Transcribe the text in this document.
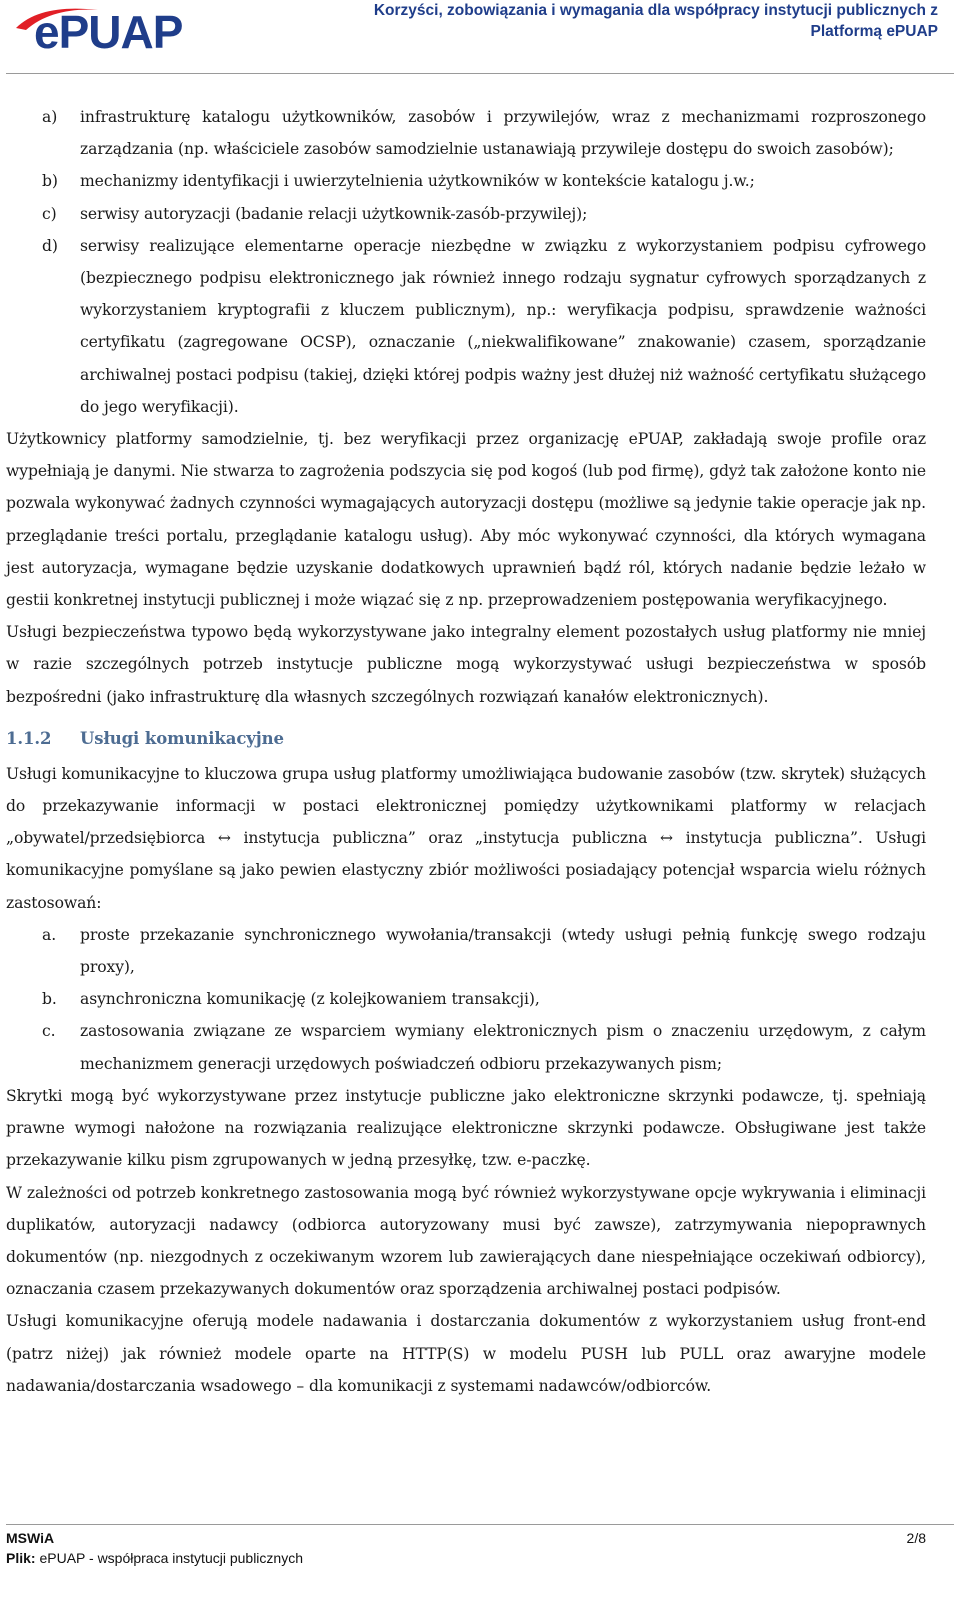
ePUAP	Korzyści, zobowiązania i wymagania dla współpracy instytucji publicznych z
Platformą ePUAP
a)	infrastrukturę katalogu użytkowników, zasobów i przywilejów, wraz z mechanizmami rozproszonego zarządzania (np. właściciele zasobów samodzielnie ustanawiają przywileje dostępu do swoich zasobów);
b)	mechanizmy identyfikacji i uwierzytelnienia użytkowników w kontekście katalogu j.w.;
c)	serwisy autoryzacji (badanie relacji użytkownik-zasób-przywilej);
d)	serwisy realizujące elementarne operacje niezbędne w związku z wykorzystaniem podpisu cyfrowego (bezpiecznego podpisu elektronicznego jak również innego rodzaju sygnatur cyfrowych sporządzanych z wykorzystaniem kryptografii z kluczem publicznym), np.: weryfikacja podpisu, sprawdzenie ważności certyfikatu (zagregowane OCSP), oznaczanie („niekwalifikowane” znakowanie) czasem, sporządzanie archiwalnej postaci podpisu (takiej, dzięki której podpis ważny jest dłużej niż ważność certyfikatu służącego do jego weryfikacji).

Użytkownicy platformy samodzielnie, tj. bez weryfikacji przez organizację ePUAP, zakładają swoje profile oraz wypełniają je danymi. Nie stwarza to zagrożenia podszycia się pod kogoś (lub pod firmę), gdyż tak założone konto nie pozwala wykonywać żadnych czynności wymagających autoryzacji dostępu (możliwe są jedynie takie operacje jak np. przeglądanie treści portalu, przeglądanie katalogu usług). Aby móc wykonywać czynności, dla których wymagana jest autoryzacja, wymagane będzie uzyskanie dodatkowych uprawnień bądź ról, których nadanie będzie leżało w gestii konkretnej instytucji publicznej i może wiązać się z np. przeprowadzeniem postępowania weryfikacyjnego.

Usługi bezpieczeństwa typowo będą wykorzystywane jako integralny element pozostałych usług platformy nie mniej w razie szczególnych potrzeb instytucje publiczne mogą wykorzystywać usługi bezpieczeństwa w sposób bezpośredni (jako infrastrukturę dla własnych szczególnych rozwiązań kanałów elektronicznych).

1.1.2 Usługi komunikacyjne

Usługi komunikacyjne to kluczowa grupa usług platformy umożliwiająca budowanie zasobów (tzw. skrytek) służących do przekazywanie informacji w postaci elektronicznej pomiędzy użytkownikami platformy w relacjach „obywatel/przedsiębiorca ↔ instytucja publiczna” oraz „instytucja publiczna ↔ instytucja publiczna”. Usługi komunikacyjne pomyślane są jako pewien elastyczny zbiór możliwości posiadający potencjał wsparcia wielu różnych zastosowań:

a.	proste przekazanie synchronicznego wywołania/transakcji (wtedy usługi pełnią funkcję swego rodzaju proxy),
b.	asynchroniczna komunikację (z kolejkowaniem transakcji),
c.	zastosowania związane ze wsparciem wymiany elektronicznych pism o znaczeniu urzędowym, z całym mechanizmem generacji urzędowych poświadczeń odbioru przekazywanych pism;

Skrytki mogą być wykorzystywane przez instytucje publiczne jako elektroniczne skrzynki podawcze, tj. spełniają prawne wymogi nałożone na rozwiązania realizujące elektroniczne skrzynki podawcze. Obsługiwane jest także przekazywanie kilku pism zgrupowanych w jedną przesyłkę, tzw. e-paczkę.

W zależności od potrzeb konkretnego zastosowania mogą być również wykorzystywane opcje wykrywania i eliminacji duplikatów, autoryzacji nadawcy (odbiorca autoryzowany musi być zawsze), zatrzymywania niepoprawnych dokumentów (np. niezgodnych z oczekiwanym wzorem lub zawierających dane niespełniające oczekiwań odbiorcy), oznaczania czasem przekazywanych dokumentów oraz sporządzenia archiwalnej postaci podpisów.

Usługi komunikacyjne oferują modele nadawania i dostarczania dokumentów z wykorzystaniem usług front-end (patrz niżej) jak również modele oparte na HTTP(S) w modelu PUSH lub PULL oraz awaryjne modele nadawania/dostarczania wsadowego – dla komunikacji z systemami nadawców/odbiorców.

MSWiA	2/8
Plik: ePUAP - współpraca instytucji publicznych
